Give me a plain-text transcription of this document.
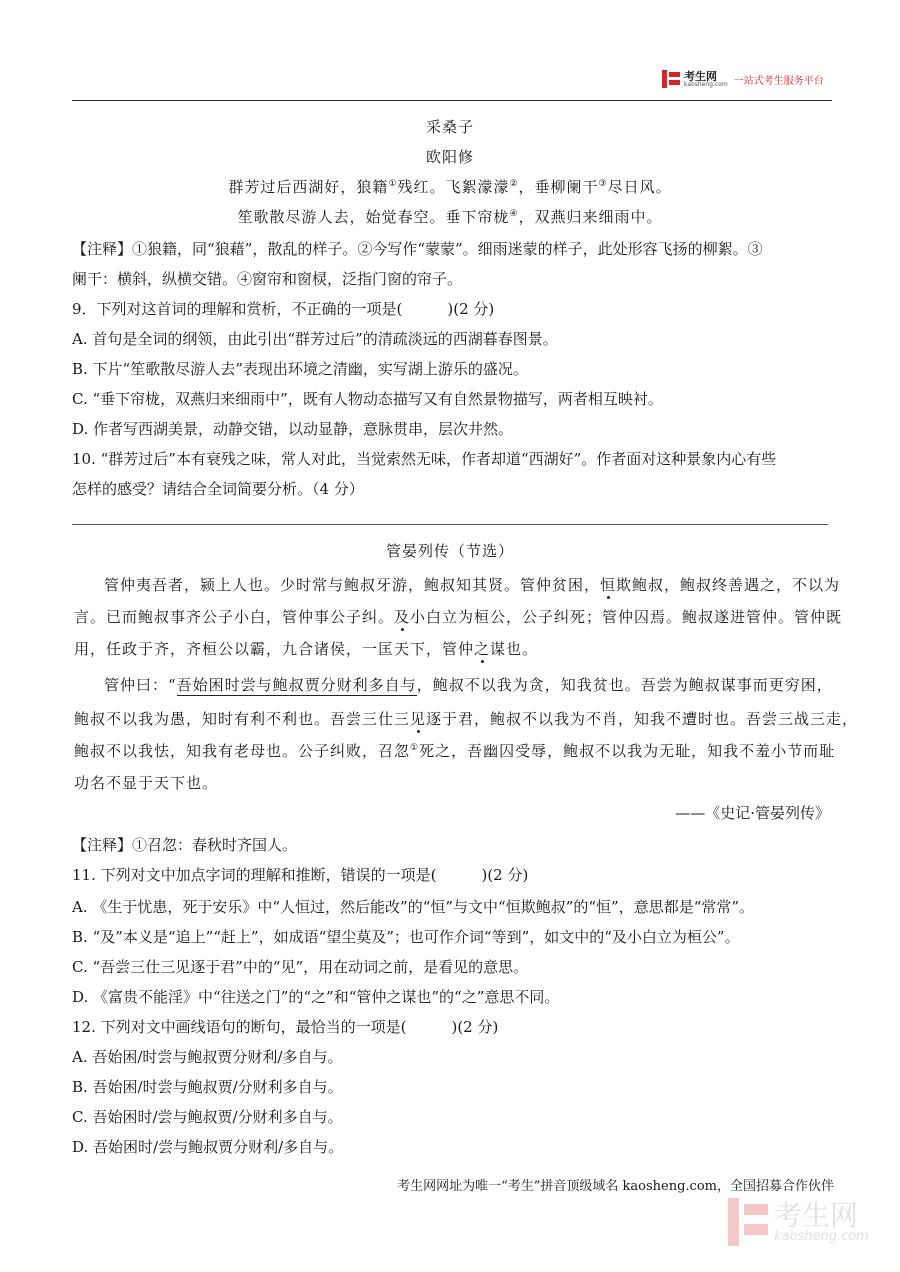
考生网
kaosheng.com 一站式考生服务平台
采桑子
欧阳修
群芳过后西湖好，狼籍①残红。飞絮濛濛②，垂柳阑干③尽日风。
笙歌散尽游人去，始觉春空。垂下帘栊④，双燕归来细雨中。
【注释】①狼籍，同“狼藉”，散乱的样子。②今写作“蒙蒙”。细雨迷蒙的样子，此处形容飞扬的柳絮。③
阑干：横斜，纵横交错。④窗帘和窗棂，泛指门窗的帘子。
9．下列对这首词的理解和赏析，不正确的一项是(　　　)(2 分)
A. 首句是全词的纲领，由此引出“群芳过后”的清疏淡远的西湖暮春图景。
B. 下片“笙歌散尽游人去”表现出环境之清幽，实写湖上游乐的盛况。
C. “垂下帘栊，双燕归来细雨中”，既有人物动态描写又有自然景物描写，两者相互映衬。
D. 作者写西湖美景，动静交错，以动显静，意脉贯串，层次井然。
10. “群芳过后”本有衰残之味，常人对此，当觉索然无味，作者却道“西湖好”。作者面对这种景象内心有些
怎样的感受？请结合全词简要分析。（4 分）
管晏列传（节选）
管仲夷吾者，颍上人也。少时常与鲍叔牙游，鲍叔知其贤。管仲贫困，恒欺鲍叔，鲍叔终善遇之，不以为
言。已而鲍叔事齐公子小白，管仲事公子纠。及小白立为桓公，公子纠死；管仲囚焉。鲍叔遂进管仲。管仲既
用，任政于齐，齐桓公以霸，九合诸侯，一匡天下，管仲之谋也。
管仲曰：“吾始困时尝与鲍叔贾分财利多自与，鲍叔不以我为贪，知我贫也。吾尝为鲍叔谋事而更穷困，
鲍叔不以我为愚，知时有利不利也。吾尝三仕三见逐于君，鲍叔不以我为不肖，知我不遭时也。吾尝三战三走，
鲍叔不以我怯，知我有老母也。公子纠败，召忽①死之，吾幽囚受辱，鲍叔不以我为无耻，知我不羞小节而耻
功名不显于天下也。
——《史记·管晏列传》
【注释】①召忽：春秋时齐国人。
11. 下列对文中加点字词的理解和推断，错误的一项是(　　　)(2 分)
A. 《生于忧患，死于安乐》中“人恒过，然后能改”的“恒”与文中“恒欺鲍叔”的“恒”，意思都是“常常”。
B. “及”本义是“追上”“赶上”，如成语“望尘莫及”；也可作介词“等到”，如文中的“及小白立为桓公”。
C. “吾尝三仕三见逐于君”中的“见”，用在动词之前，是看见的意思。
D. 《富贵不能淫》中“往送之门”的“之”和“管仲之谋也”的“之”意思不同。
12. 下列对文中画线语句的断句，最恰当的一项是(　　　)(2 分)
A. 吾始困/时尝与鲍叔贾分财利/多自与。
B. 吾始困/时尝与鲍叔贾/分财利多自与。
C. 吾始困时/尝与鲍叔贾/分财利多自与。
D. 吾始困时/尝与鲍叔贾分财利/多自与。
考生网网址为唯一“考生”拼音顶级域名 kaosheng.com，全国招募合作伙伴
考生网
kaosheng.com
